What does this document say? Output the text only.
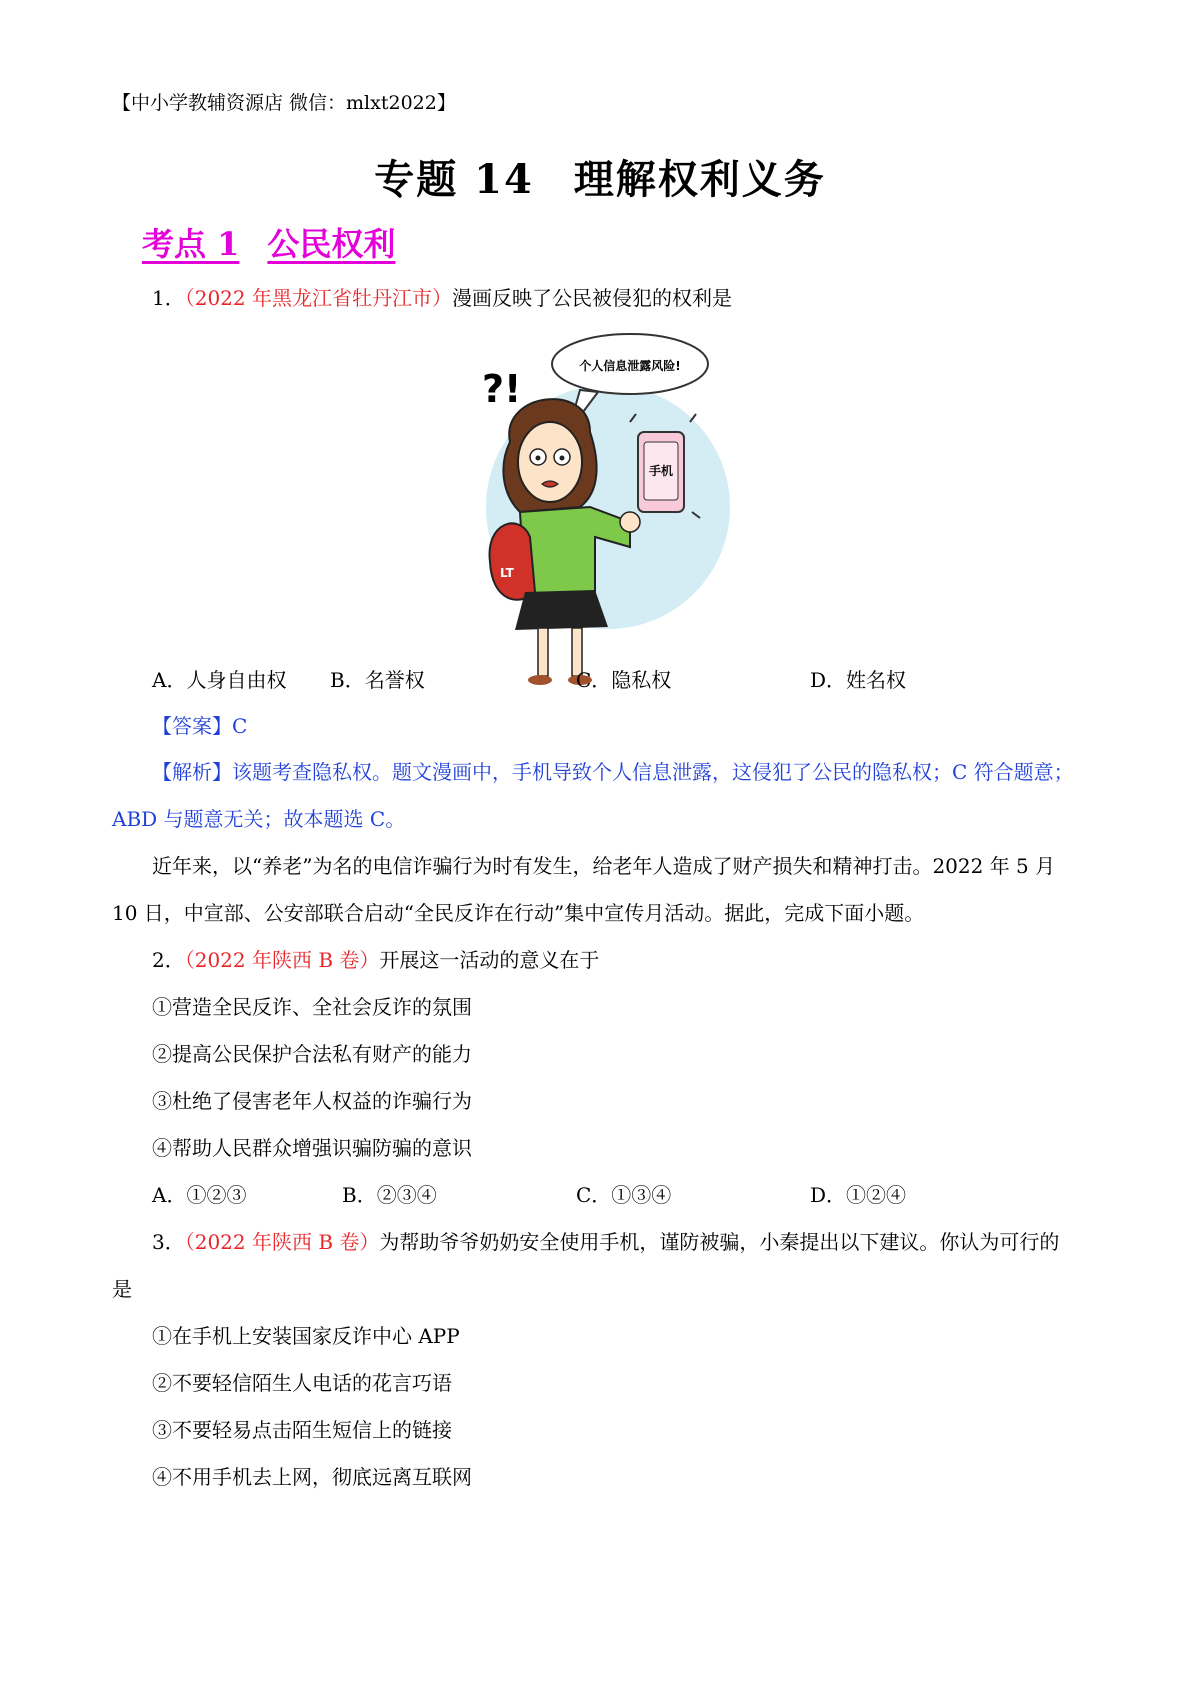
【中小学教辅资源店 微信：mlxt2022】
专题 14 理解权利义务
考点 1 公民权利
1．（2022 年黑龙江省牡丹江市）漫画反映了公民被侵犯的权利是
个人信息泄露风险!
?!
LT
手机
A．人身自由权 B．名誉权	C．隐私权	D．姓名权
【答案】C
【解析】该题考查隐私权。题文漫画中，手机导致个人信息泄露，这侵犯了公民的隐私权；C 符合题意；
ABD 与题意无关；故本题选 C。
近年来，以“养老”为名的电信诈骗行为时有发生，给老年人造成了财产损失和精神打击。2022 年 5 月
10 日，中宣部、公安部联合启动“全民反诈在行动”集中宣传月活动。据此，完成下面小题。
2．（2022 年陕西 B 卷）开展这一活动的意义在于
①营造全民反诈、全社会反诈的氛围
②提高公民保护合法私有财产的能力
③杜绝了侵害老年人权益的诈骗行为
④帮助人民群众增强识骗防骗的意识
A．①②③	B．②③④	C．①③④	D．①②④
3．（2022 年陕西 B 卷）为帮助爷爷奶奶安全使用手机，谨防被骗，小秦提出以下建议。你认为可行的
是
①在手机上安装国家反诈中心 APP
②不要轻信陌生人电话的花言巧语
③不要轻易点击陌生短信上的链接
④不用手机去上网，彻底远离互联网
